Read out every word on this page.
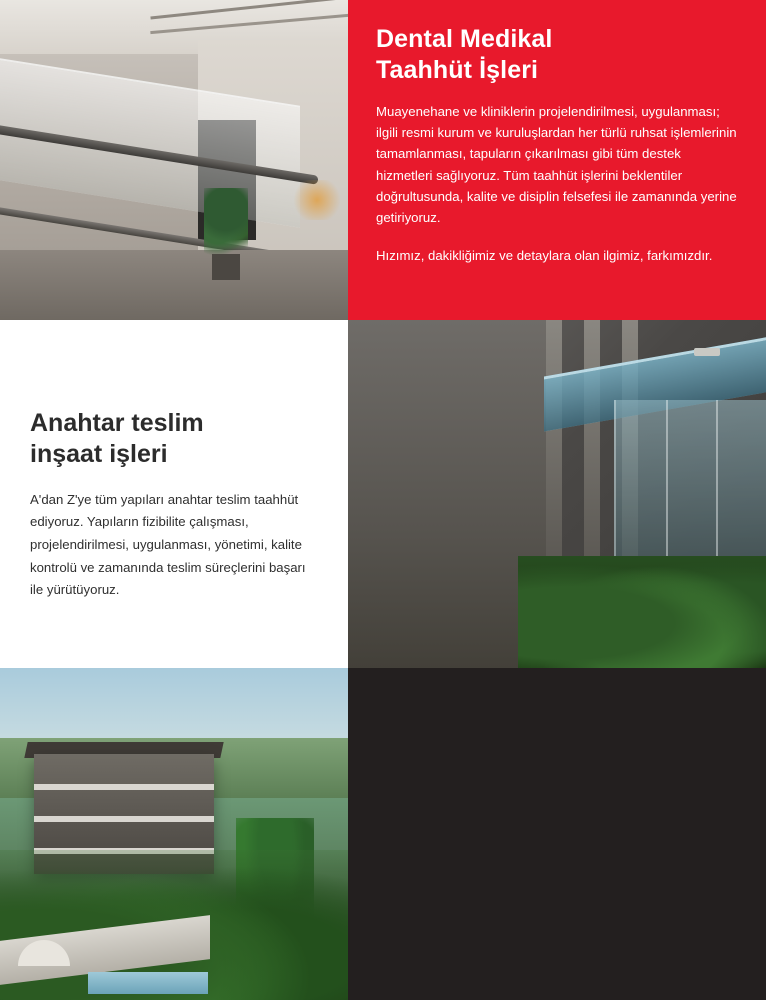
Dental Medikal
Taahhüt İşleri

Muayenehane ve kliniklerin projelendirilmesi, uygulanması; ilgili resmi kurum ve kuruluşlardan her türlü ruhsat işlemlerinin tamamlanması, tapuların çıkarılması gibi tüm destek hizmetleri sağlıyoruz. Tüm taahhüt işlerini beklentiler doğrultusunda, kalite ve disiplin felsefesi ile zamanında yerine getiriyoruz.

Hızımız, dakikliğimiz ve detaylara olan ilgimiz, farkımızdır.

Anahtar teslim
inşaat işleri

A'dan Z'ye tüm yapıları anahtar teslim taahhüt ediyoruz. Yapıların fizibilite çalışması, projelendirilmesi, uygulanması, yönetimi, kalite kontrolü ve zamanında teslim süreçlerini başarı ile yürütüyoruz.
